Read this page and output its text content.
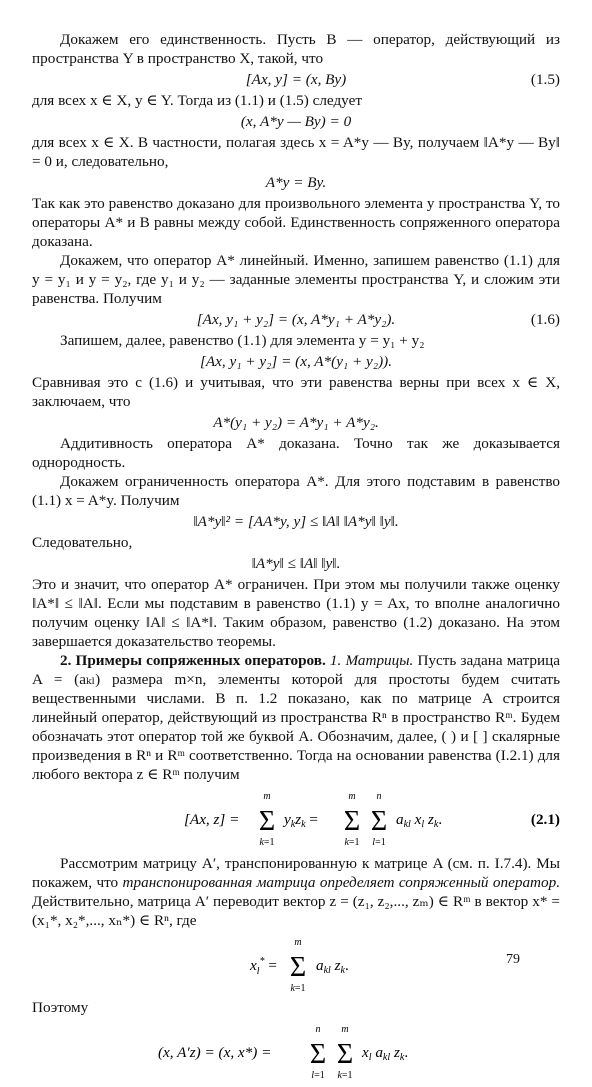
Докажем его единственность. Пусть B — оператор, действующий из пространства Y в пространство X, такой, что

[Ax, y] = (x, By)	(1.5)

для всех x ∈ X, y ∈ Y. Тогда из (1.1) и (1.5) следует

(x, A*y — By) = 0

для всех x ∈ X. В частности, полагая здесь x = A*y — By, получаем ‖A*y — By‖ = 0 и, следовательно,

A*y = By.

Так как это равенство доказано для произвольного элемента y пространства Y, то операторы A* и B равны между собой. Единственность сопряженного оператора доказана.

Докажем, что оператор A* линейный. Именно, запишем равенство (1.1) для y = y₁ и y = y₂, где y₁ и y₂ — заданные элементы пространства Y, и сложим эти равенства. Получим

[Ax, y₁ + y₂] = (x, A*y₁ + A*y₂).	(1.6)

Запишем, далее, равенство (1.1) для элемента y = y₁ + y₂

[Ax, y₁ + y₂] = (x, A*(y₁ + y₂)).

Сравнивая это с (1.6) и учитывая, что эти равенства верны при всех x ∈ X, заключаем, что

A*(y₁ + y₂) = A*y₁ + A*y₂.

Аддитивность оператора A* доказана. Точно так же доказывается однородность.

Докажем ограниченность оператора A*. Для этого подставим в равенство (1.1) x = A*y. Получим

‖A*y‖² = [AA*y, y] ≤ ‖A‖ ‖A*y‖ ‖y‖.

Следовательно,

‖A*y‖ ≤ ‖A‖ ‖y‖.

Это и значит, что оператор A* ограничен. При этом мы получили также оценку ‖A*‖ ≤ ‖A‖. Если мы подставим в равенство (1.1) y = Ax, то вполне аналогично получим оценку ‖A‖ ≤ ‖A*‖. Таким образом, равенство (1.2) доказано. На этом завершается доказательство теоремы.

2. Примеры сопряженных операторов. 1. Матрицы. Пусть задана матрица A = (aₖₗ) размера m×n, элементы которой для простоты будем считать вещественными числами. В п. 1.2 показано, как по матрице A строится линейный оператор, действующий из пространства Rⁿ в пространство Rᵐ. Будем обозначать этот оператор той же буквой A. Обозначим, далее, ( ) и [ ] скалярные произведения в Rⁿ и Rᵐ соответственно. Тогда на основании равенства (I.2.1) для любого вектора z ∈ Rᵐ получим

[Ax, z] =
m
Σ
k=1
ykzk =
m
Σ
k=1
n
Σ
l=1
akl xl zk.	(2.1)

Рассмотрим матрицу A′, транспонированную к матрице A (см. п. I.7.4). Мы покажем, что транспонированная матрица определяет сопряженный оператор. Действительно, матрица A′ переводит вектор z = (z₁, z₂,..., zₘ) ∈ Rᵐ в вектор x* = (x₁*, x₂*,..., xₙ*) ∈ Rⁿ, где

$x_l^*$ =
m
Σ
k=1
akl zk.

Поэтому

(x, A′z) = (x, x*) =
n
Σ
l=1
m
Σ
k=1
xl akl zk.
79
